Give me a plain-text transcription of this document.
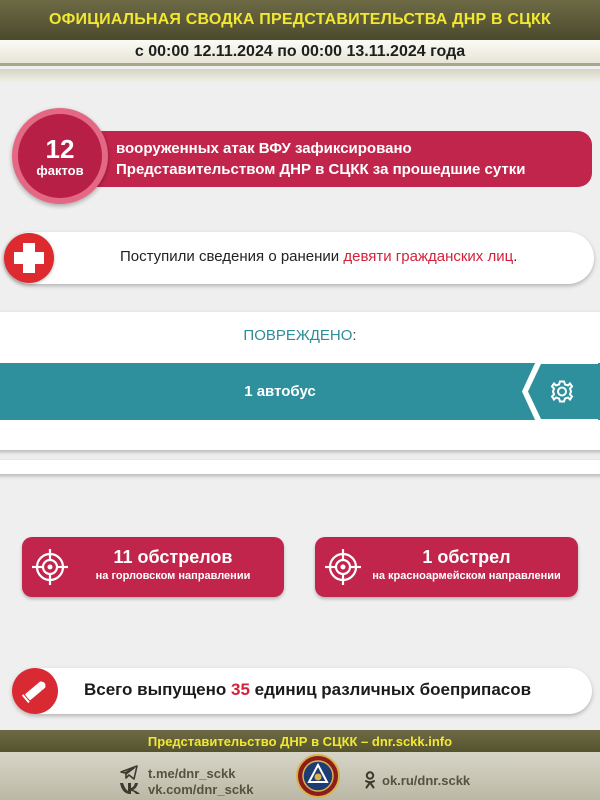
ОФИЦИАЛЬНАЯ СВОДКА ПРЕДСТАВИТЕЛЬСТВА ДНР В СЦКК
с 00:00 12.11.2024 по 00:00 13.11.2024 года
вооруженных атак ВФУ зафиксировано
Представительством ДНР в СЦКК за прошедшие сутки
12
фактов
Поступили сведения о ранении девяти гражданских лиц.
ПОВРЕЖДЕНО:
1 автобус
11 обстрелов
на горловском направлении
1 обстрел
на красноармейском направлении
Всего выпущено 35 единиц различных боеприпасов
Представительство ДНР в СЦКК – dnr.sckk.info
t.me/dnr_sckk
vk.com/dnr_sckk
ok.ru/dnr.sckk
